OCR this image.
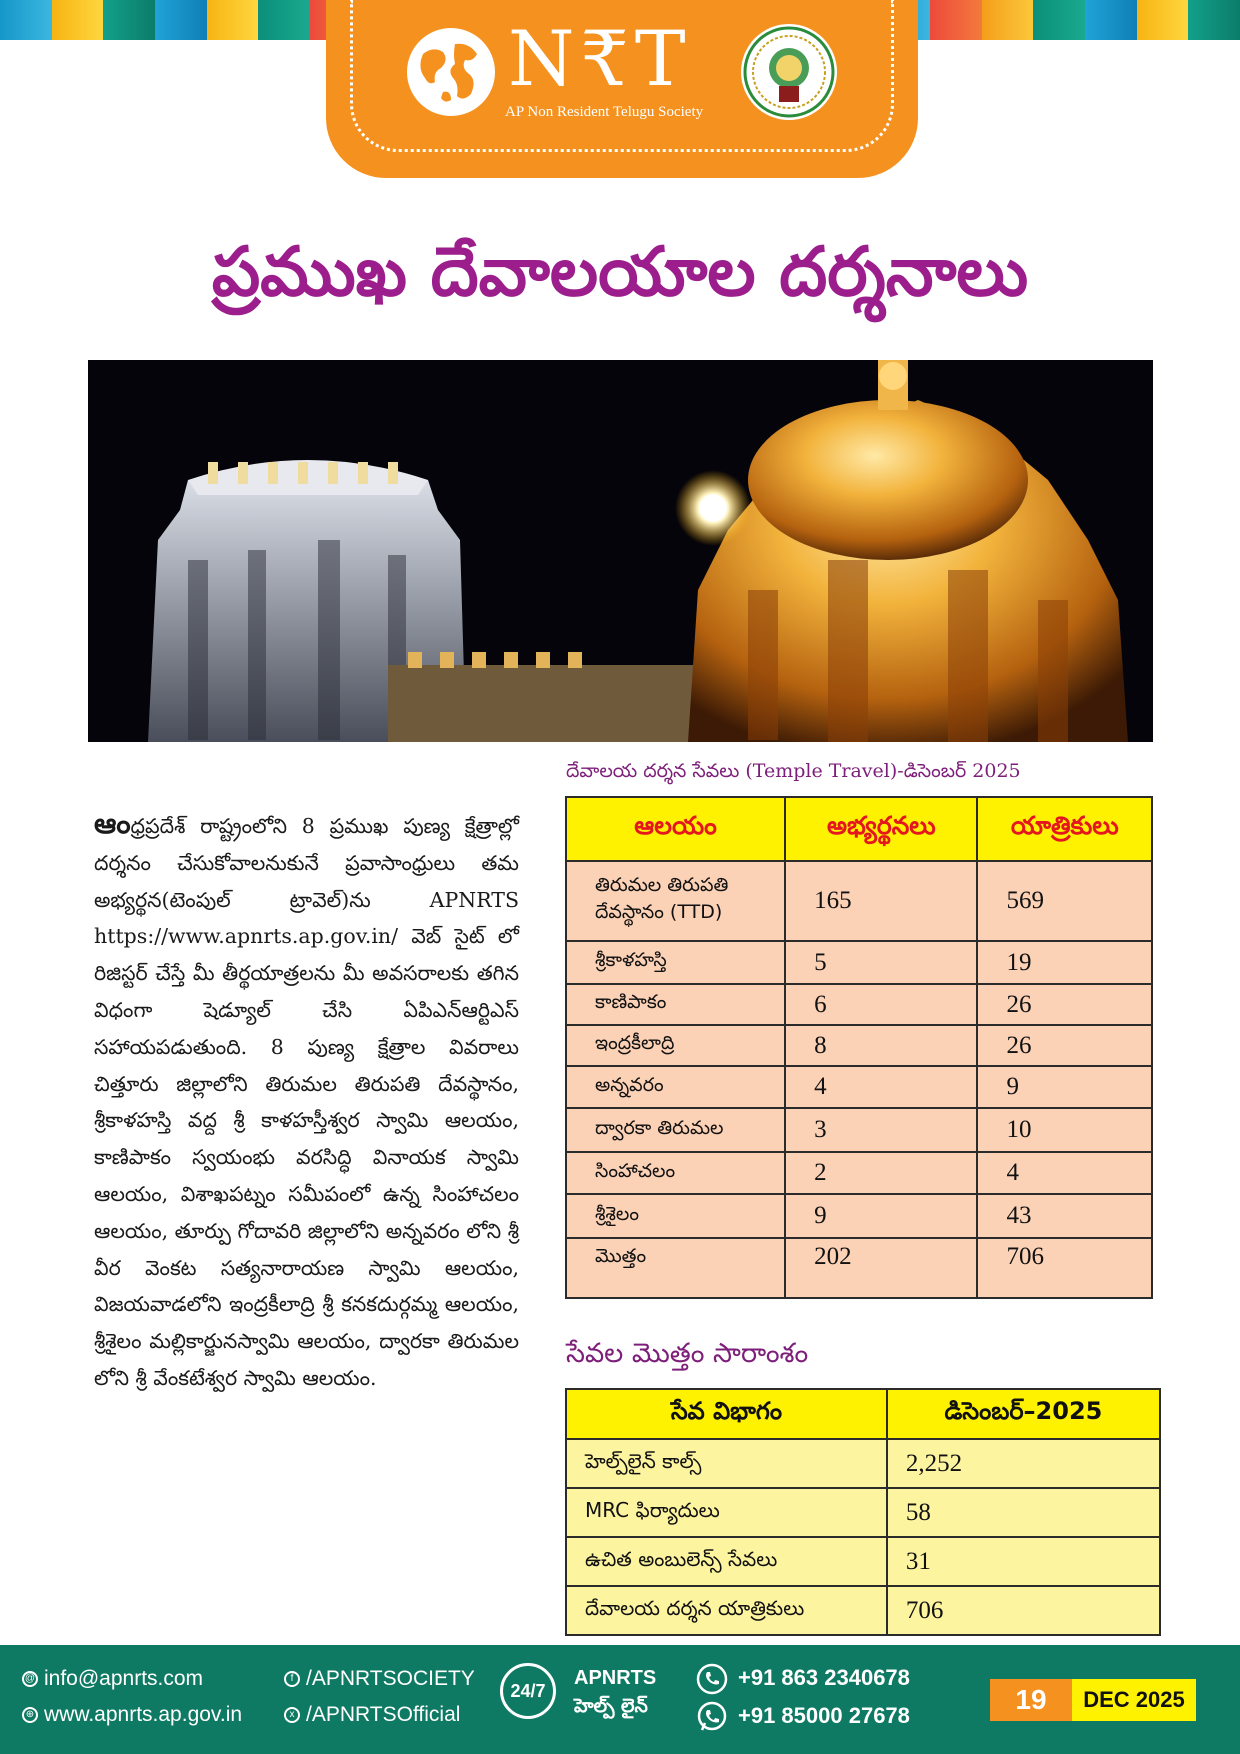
N₹T
AP Non Resident Telugu Society
ప్రముఖ దేవాలయాల దర్శనాలు
ఆంధ్రప్రదేశ్ రాష్ట్రంలోని 8 ప్రముఖ పుణ్య క్షేత్రాల్లో దర్శనం చేసుకోవాలనుకునే ప్రవాసాంధ్రులు తమ అభ్యర్థన(టెంపుల్ ట్రావెల్)ను APNRTS https://www.apnrts.ap.gov.in/ వెబ్ సైట్ లో రిజిస్టర్ చేస్తే మీ తీర్థయాత్రలను మీ అవసరాలకు తగిన విధంగా షెడ్యూల్ చేసి ఏపిఎన్ఆర్టిఎస్ సహాయపడుతుంది. 8 పుణ్య క్షేత్రాల వివరాలు చిత్తూరు జిల్లాలోని తిరుమల తిరుపతి దేవస్థానం, శ్రీకాళహస్తి వద్ద శ్రీ కాళహస్తీశ్వర స్వామి ఆలయం, కాణిపాకం స్వయంభు వరసిద్ధి వినాయక స్వామి ఆలయం, విశాఖపట్నం సమీపంలో ఉన్న సింహాచలం ఆలయం, తూర్పు గోదావరి జిల్లాలోని అన్నవరం లోని శ్రీ వీర వెంకట సత్యనారాయణ స్వామి ఆలయం, విజయవాడలోని ఇంద్రకీలాద్రి శ్రీ కనకదుర్గమ్మ ఆలయం, శ్రీశైలం మల్లికార్జునస్వామి ఆలయం, ద్వారకా తిరుమల లోని శ్రీ వేంకటేశ్వర స్వామి ఆలయం.
దేవాలయ దర్శన సేవలు (Temple Travel)-డిసెంబర్ 2025
ఆలయం	అభ్యర్థనలు	యాత్రికులు
తిరుమల తిరుపతి దేవస్థానం (TTD)	165	569
శ్రీకాళహస్తి	5	19
కాణిపాకం	6	26
ఇంద్రకీలాద్రి	8	26
అన్నవరం	4	9
ద్వారకా తిరుమల	3	10
సింహాచలం	2	4
శ్రీశైలం	9	43
మొత్తం	202	706
సేవల మొత్తం సారాంశం
సేవ విభాగం	డిసెంబర్–2025
హెల్ప్‌లైన్ కాల్స్	2,252
MRC ఫిర్యాదులు	58
ఉచిత అంబులెన్స్ సేవలు	31
దేవాలయ దర్శన యాత్రికులు	706
@ info@apnrts.com
⊕ www.apnrts.ap.gov.in
f /APNRTSOCIETY
x /APNRTSOfficial
24/7
APNRTS
హెల్ప్ లైన్
+91 863 2340678
+91 85000 27678
19	DEC 2025
